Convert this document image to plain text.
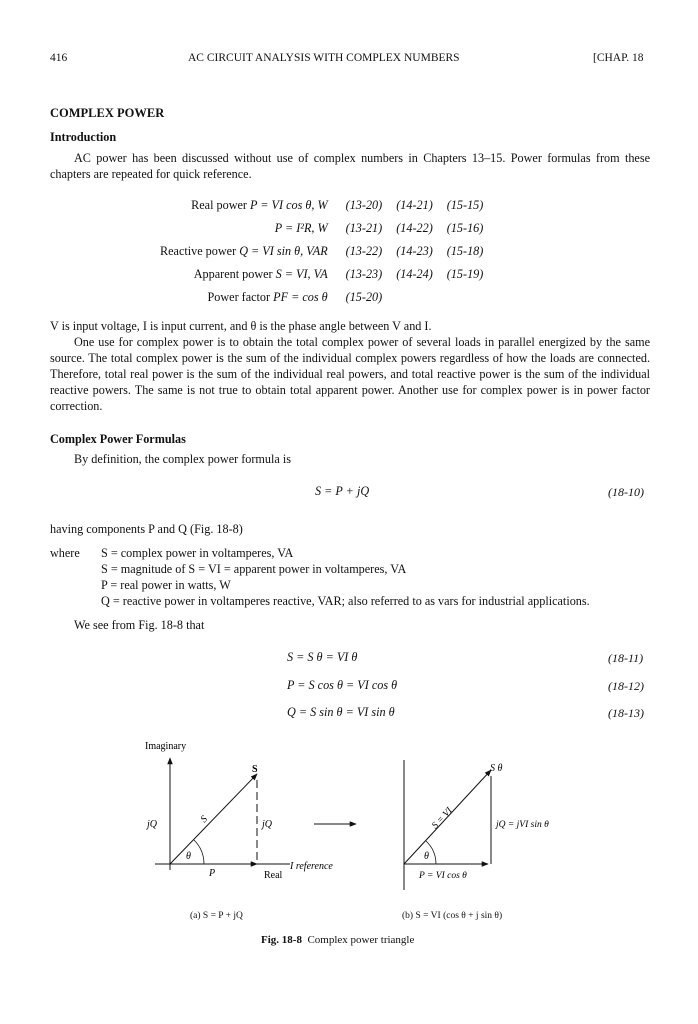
416	AC CIRCUIT ANALYSIS WITH COMPLEX NUMBERS	[CHAP. 18
COMPLEX POWER
Introduction
AC power has been discussed without use of complex numbers in Chapters 13–15. Power formulas from these chapters are repeated for quick reference.
Real power P = VI cos θ, W	(13-20)	(14-21)	(15-15)
P = I²R, W	(13-21)	(14-22)	(15-16)
Reactive power Q = VI sin θ, VAR	(13-22)	(14-23)	(15-18)
Apparent power S = VI, VA	(13-23)	(14-24)	(15-19)
Power factor PF = cos θ	(15-20)		
V is input voltage, I is input current, and θ is the phase angle between V and I.
One use for complex power is to obtain the total complex power of several loads in parallel energized by the same source. The total complex power is the sum of the individual complex powers regardless of how the loads are connected. Therefore, total real power is the sum of the individual real powers, and total reactive power is the sum of the individual reactive powers. The same is not true to obtain total apparent power. Another use for complex power is in power factor correction.
Complex Power Formulas
By definition, the complex power formula is
S = P + jQ	(18-10)
having components P and Q (Fig. 18-8)
where S = complex power in voltamperes, VA
S = magnitude of S = VI = apparent power in voltamperes, VA
P = real power in watts, W
Q = reactive power in voltamperes reactive, VAR; also referred to as vars for industrial applications.
We see from Fig. 18-8 that
S = S θ = VI θ	(18-11)
P = S cos θ = VI cos θ	(18-12)
Q = S sin θ = VI sin θ	(18-13)
Imaginary
S
S
jQ	jQ
θ
P	Real
I reference
S θ
S = VI	jQ = jVI sin θ
θ
P = VI cos θ
(a) S = P + jQ	(b) S = VI (cos θ + j sin θ)
Fig. 18-8 Complex power triangle
